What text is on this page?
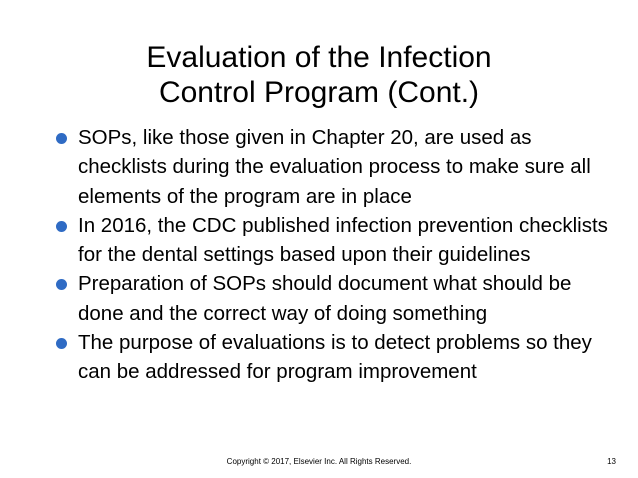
Evaluation of the Infection
Control Program (Cont.)
SOPs, like those given in Chapter 20, are used as checklists during the evaluation process to make sure all elements of the program are in place
In 2016, the CDC published infection prevention checklists for the dental settings based upon their guidelines
Preparation of SOPs should document what should be done and the correct way of doing something
The purpose of evaluations is to detect problems so they can be addressed for program improvement
Copyright © 2017, Elsevier Inc. All Rights Reserved.	13
